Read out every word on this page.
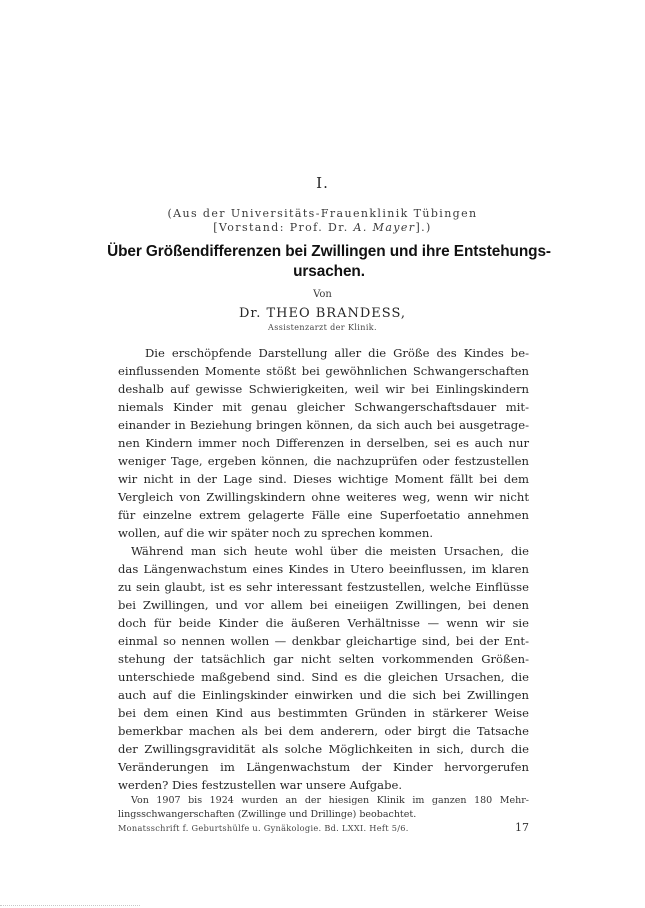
I.
(Aus der Universitäts-Frauenklinik Tübingen
[Vorstand: Prof. Dr. A. Mayer].)
Über Größendifferenzen bei Zwillingen und ihre Entstehungs-
ursachen.
Von
Dr. THEO BRANDESS,
Assistenzarzt der Klinik.
Die erschöpfende Darstellung aller die Größe des Kindes be-
einflussenden Momente stößt bei gewöhnlichen Schwangerschaften
deshalb auf gewisse Schwierigkeiten, weil wir bei Einlingskindern
niemals Kinder mit genau gleicher Schwangerschaftsdauer mit-
einander in Beziehung bringen können, da sich auch bei ausgetrage-
nen Kindern immer noch Differenzen in derselben, sei es auch nur
weniger Tage, ergeben können, die nachzuprüfen oder festzustellen
wir nicht in der Lage sind. Dieses wichtige Moment fällt bei dem
Vergleich von Zwillingskindern ohne weiteres weg, wenn wir nicht
für einzelne extrem gelagerte Fälle eine Superfoetatio annehmen
wollen, auf die wir später noch zu sprechen kommen.
Während man sich heute wohl über die meisten Ursachen, die
das Längenwachstum eines Kindes in Utero beeinflussen, im klaren
zu sein glaubt, ist es sehr interessant festzustellen, welche Einflüsse
bei Zwillingen, und vor allem bei eineiigen Zwillingen, bei denen
doch für beide Kinder die äußeren Verhältnisse — wenn wir sie
einmal so nennen wollen — denkbar gleichartige sind, bei der Ent-
stehung der tatsächlich gar nicht selten vorkommenden Größen-
unterschiede maßgebend sind. Sind es die gleichen Ursachen, die
auch auf die Einlingskinder einwirken und die sich bei Zwillingen
bei dem einen Kind aus bestimmten Gründen in stärkerer Weise
bemerkbar machen als bei dem anderern, oder birgt die Tatsache
der Zwillingsgravidität als solche Möglichkeiten in sich, durch die
Veränderungen im Längenwachstum der Kinder hervorgerufen
werden? Dies festzustellen war unsere Aufgabe.
Von 1907 bis 1924 wurden an der hiesigen Klinik im ganzen 180 Mehr-
Monatsschrift f. Geburtshülfe u. Gynäkologie. Bd. LXXI. Heft 5/6.	17
lingsschwangerschaften (Zwillinge und Drillinge) beobachtet.
